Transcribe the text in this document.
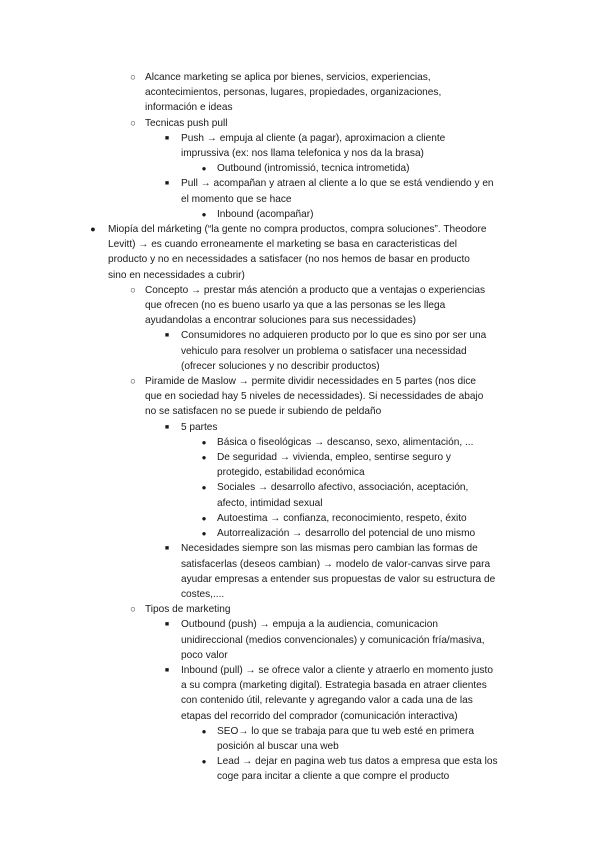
○ Alcance marketing se aplica por bienes, servicios, experiencias,
acontecimientos, personas, lugares, propiedades, organizaciones,
información e ideas
○ Tecnicas push pull
■	Push → empuja al cliente (a pagar), aproximacion a cliente
imprussiva (ex: nos llama telefonica y nos da la brasa)
●	Outbound (intromissió, tecnica intrometida)
■	Pull → acompañan y atraen al cliente a lo que se está vendiendo y en
el momento que se hace
●	Inbound (acompañar)
●	Miopía del márketing (“la gente no compra productos, compra soluciones”. Theodore
Levitt) → es cuando erroneamente el marketing se basa en caracteristicas del
producto y no en necessidades a satisfacer (no nos hemos de basar en producto
sino en necessidades a cubrir)
○ Concepto → prestar más atención a producto que a ventajas o experiencias
que ofrecen (no es bueno usarlo ya que a las personas se les llega
ayudandolas a encontrar soluciones para sus necessidades)
■	Consumidores no adquieren producto por lo que es sino por ser una
vehiculo para resolver un problema o satisfacer una necessidad
(ofrecer soluciones y no describir productos)
○ Piramide de Maslow → permite dividir necessidades en 5 partes (nos dice
que en sociedad hay 5 niveles de necessidades). Si necessidades de abajo
no se satisfacen no se puede ir subiendo de peldaño
■	5 partes
●	Básica o fiseológicas → descanso, sexo, alimentación, ...
●	De seguridad → vivienda, empleo, sentirse seguro y
protegido, estabilidad económica
●	Sociales → desarrollo afectivo, associación, aceptación,
afecto, intimidad sexual
●	Autoestima → confianza, reconocimiento, respeto, éxito
●	Autorrealización → desarrollo del potencial de uno mismo
■	Necesidades siempre son las mismas pero cambian las formas de
satisfacerlas (deseos cambian) → modelo de valor-canvas sirve para
ayudar empresas a entender sus propuestas de valor su estructura de
costes,....
○ Tipos de marketing
■	Outbound (push) → empuja a la audiencia, comunicacion
unidireccional (medios convencionales) y comunicación fría/masiva,
poco valor
■	Inbound (pull) → se ofrece valor a cliente y atraerlo en momento justo
a su compra (marketing digital). Estrategia basada en atraer clientes
con contenido útil, relevante y agregando valor a cada una de las
etapas del recorrido del comprador (comunicación interactiva)
●	SEO→ lo que se trabaja para que tu web esté en primera
posición al buscar una web
●	Lead → dejar en pagina web tus datos a empresa que esta los
coge para incitar a cliente a que compre el producto
